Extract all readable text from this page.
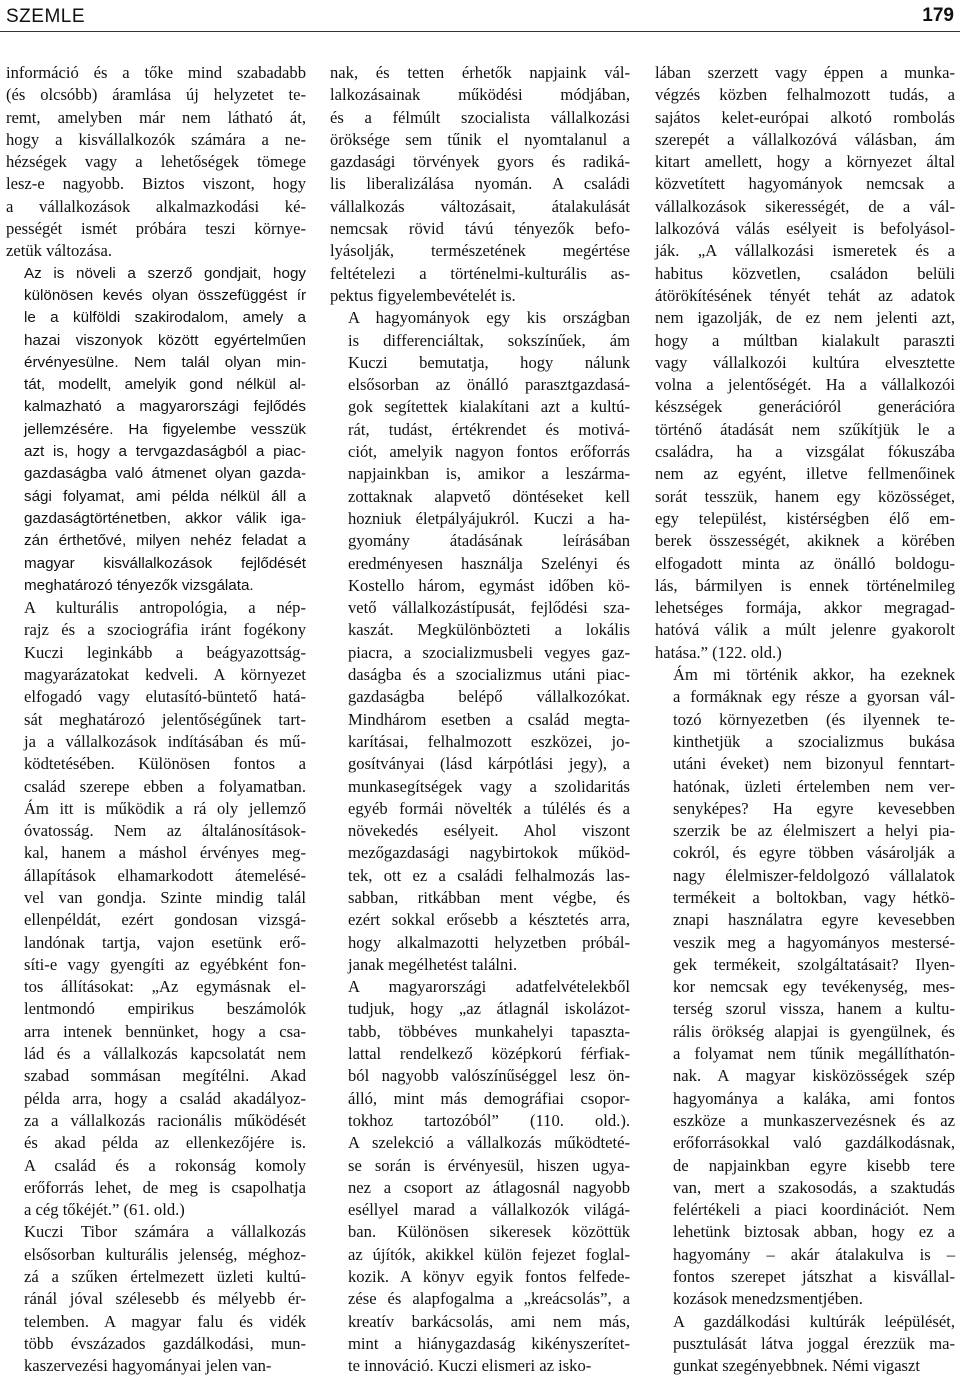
SZEMLE	179

információ és a tőke mind szabadabb
(és olcsóbb) áramlása új helyzetet te-
remt, amelyben már nem látható át,
hogy a kisvállalkozók számára a ne-
hézségek vagy a lehetőségek tömege
lesz-e nagyobb. Biztos viszont, hogy
a vállalkozások alkalmazkodási ké-
pességét ismét próbára teszi környe-
zetük változása.

Az is növeli a szerző gondjait, hogy
különösen kevés olyan összefüggést ír
le a külföldi szakirodalom, amely a
hazai viszonyok között egyértelműen
érvényesülne. Nem talál olyan min-
tát, modellt, amelyik gond nélkül al-
kalmazható a magyarországi fejlődés
jellemzésére. Ha figyelembe vesszük
azt is, hogy a tervgazdaságból a piac-
gazdaságba való átmenet olyan gazda-
sági folyamat, ami példa nélkül áll a
gazdaságtörténetben, akkor válik iga-
zán érthetővé, milyen nehéz feladat a
magyar kisvállalkozások fejlődését
meghatározó tényezők vizsgálata.

A kulturális antropológia, a nép-
rajz és a szociográfia iránt fogékony
Kuczi leginkább a beágyazottság-
magyarázatokat kedveli. A környezet
elfogadó vagy elutasító-büntető hatá-
sát meghatározó jelentőségűnek tart-
ja a vállalkozások indításában és mű-
ködtetésében. Különösen fontos a
család szerepe ebben a folyamatban.
Ám itt is működik a rá oly jellemző
óvatosság. Nem az általánosítások-
kal, hanem a máshol érvényes meg-
állapítások elhamarkodott átemelésé-
vel van gondja. Szinte mindig talál
ellenpéldát, ezért gondosan vizsgá-
landónak tartja, vajon esetünk erő-
síti-e vagy gyengíti az egyébként fon-
tos állításokat: „Az egymásnak el-
lentmondó empirikus beszámolók
arra intenek bennünket, hogy a csa-
lád és a vállalkozás kapcsolatát nem
szabad sommásan megítélni. Akad
példa arra, hogy a család akadályoz-
za a vállalkozás racionális működését
és akad példa az ellenkezőjére is.
A család és a rokonság komoly
erőforrás lehet, de meg is csapolhatja
a cég tőkéjét.” (61. old.)

Kuczi Tibor számára a vállalkozás
elsősorban kulturális jelenség, méghoz-
zá a szűken értelmezett üzleti kultú-
ránál jóval szélesebb és mélyebb ér-
telemben. A magyar falu és vidék
több évszázados gazdálkodási, mun-
kaszervezési hagyományai jelen van-

nak, és tetten érhetők napjaink vál-
lalkozásainak működési módjában,
és a félmúlt szocialista vállalkozási
öröksége sem tűnik el nyomtalanul a
gazdasági törvények gyors és radiká-
lis liberalizálása nyomán. A családi
vállalkozás változásait, átalakulását
nemcsak rövid távú tényezők befo-
lyásolják, természetének megértése
feltételezi a történelmi-kulturális as-
pektus figyelembevételét is.

A hagyományok egy kis országban
is differenciáltak, sokszínűek, ám
Kuczi bemutatja, hogy nálunk
elsősorban az önálló parasztgazdasá-
gok segítettek kialakítani azt a kultú-
rát, tudást, értékrendet és motivá-
ciót, amelyik nagyon fontos erőforrás
napjainkban is, amikor a leszárma-
zottaknak alapvető döntéseket kell
hozniuk életpályájukról. Kuczi a ha-
gyomány átadásának leírásában
eredményesen használja Szelényi és
Kostello három, egymást időben kö-
vető vállalkozástípusát, fejlődési sza-
kaszát. Megkülönbözteti a lokális
piacra, a szocializmusbeli vegyes gaz-
daságba és a szocializmus utáni piac-
gazdaságba belépő vállalkozókat.
Mindhárom esetben a család megta-
karításai, felhalmozott eszközei, jo-
gosítványai (lásd kárpótlási jegy), a
munkasegítségek vagy a szolidaritás
egyéb formái növelték a túlélés és a
növekedés esélyeit. Ahol viszont
mezőgazdasági nagybirtokok működ-
tek, ott ez a családi felhalmozás las-
sabban, ritkábban ment végbe, és
ezért sokkal erősebb a késztetés arra,
hogy alkalmazotti helyzetben próbál-
janak megélhetést találni.

A magyarországi adatfelvételekből
tudjuk, hogy „az átlagnál iskolázot-
tabb, többéves munkahelyi tapaszta-
lattal rendelkező középkorú férfiak-
ból nagyobb valószínűséggel lesz ön-
álló, mint más demográfiai csopor-
tokhoz tartozóból” (110. old.).
A szelekció a vállalkozás működteté-
se során is érvényesül, hiszen ugya-
nez a csoport az átlagosnál nagyobb
eséllyel marad a vállalkozók világá-
ban. Különösen sikeresek közöttük
az újítók, akikkel külön fejezet foglal-
kozik. A könyv egyik fontos felfede-
zése és alapfogalma a „kreácsolás”, a
kreatív barkácsolás, ami nem más,
mint a hiánygazdaság kikényszerítet-
te innováció. Kuczi elismeri az isko-

lában szerzett vagy éppen a munka-
végzés közben felhalmozott tudás, a
sajátos kelet-európai alkotó rombolás
szerepét a vállalkozóvá válásban, ám
kitart amellett, hogy a környezet által
közvetített hagyományok nemcsak a
vállalkozások sikerességét, de a vál-
lalkozóvá válás esélyeit is befolyásol-
ják. „A vállalkozási ismeretek és a
habitus közvetlen, családon belüli
átörökítésének tényét tehát az adatok
nem igazolják, de ez nem jelenti azt,
hogy a múltban kialakult paraszti
vagy vállalkozói kultúra elvesztette
volna a jelentőségét. Ha a vállalkozói
készségek generációról generációra
történő átadását nem szűkítjük le a
családra, ha a vizsgálat fókuszába
nem az egyént, illetve fellmenőinek
sorát tesszük, hanem egy közösséget,
egy települést, kistérségben élő em-
berek összességét, akiknek a körében
elfogadott minta az önálló boldogu-
lás, bármilyen is ennek történelmileg
lehetséges formája, akkor megragad-
hatóvá válik a múlt jelenre gyakorolt
hatása.” (122. old.)

Ám mi történik akkor, ha ezeknek
a formáknak egy része a gyorsan vál-
tozó környezetben (és ilyennek te-
kinthetjük a szocializmus bukása
utáni éveket) nem bizonyul fenntart-
hatónak, üzleti értelemben nem ver-
senyképes? Ha egyre kevesebben
szerzik be az élelmiszert a helyi pia-
cokról, és egyre többen vásárolják a
nagy élelmiszer-feldolgozó vállalatok
termékeit a boltokban, vagy hétkö-
znapi használatra egyre kevesebben
veszik meg a hagyományos mestersé-
gek termékeit, szolgáltatásait? Ilyen-
kor nemcsak egy tevékenység, mes-
terség szorul vissza, hanem a kultu-
rális örökség alapjai is gyengülnek, és
a folyamat nem tűnik megállíthatón-
nak. A magyar kisközösségek szép
hagyománya a kaláka, ami fontos
eszköze a munkaszervezésnek és az
erőforrásokkal való gazdálkodásnak,
de napjainkban egyre kisebb tere
van, mert a szakosodás, a szaktudás
felértékeli a piaci koordinációt. Nem
lehetünk biztosak abban, hogy ez a
hagyomány – akár átalakulva is –
fontos szerepet játszhat a kisvállal-
kozások menedzsmentjében.

A gazdálkodási kultúrák leépülését,
pusztulását látva joggal érezzük ma-
gunkat szegényebbnek. Némi vigaszt
